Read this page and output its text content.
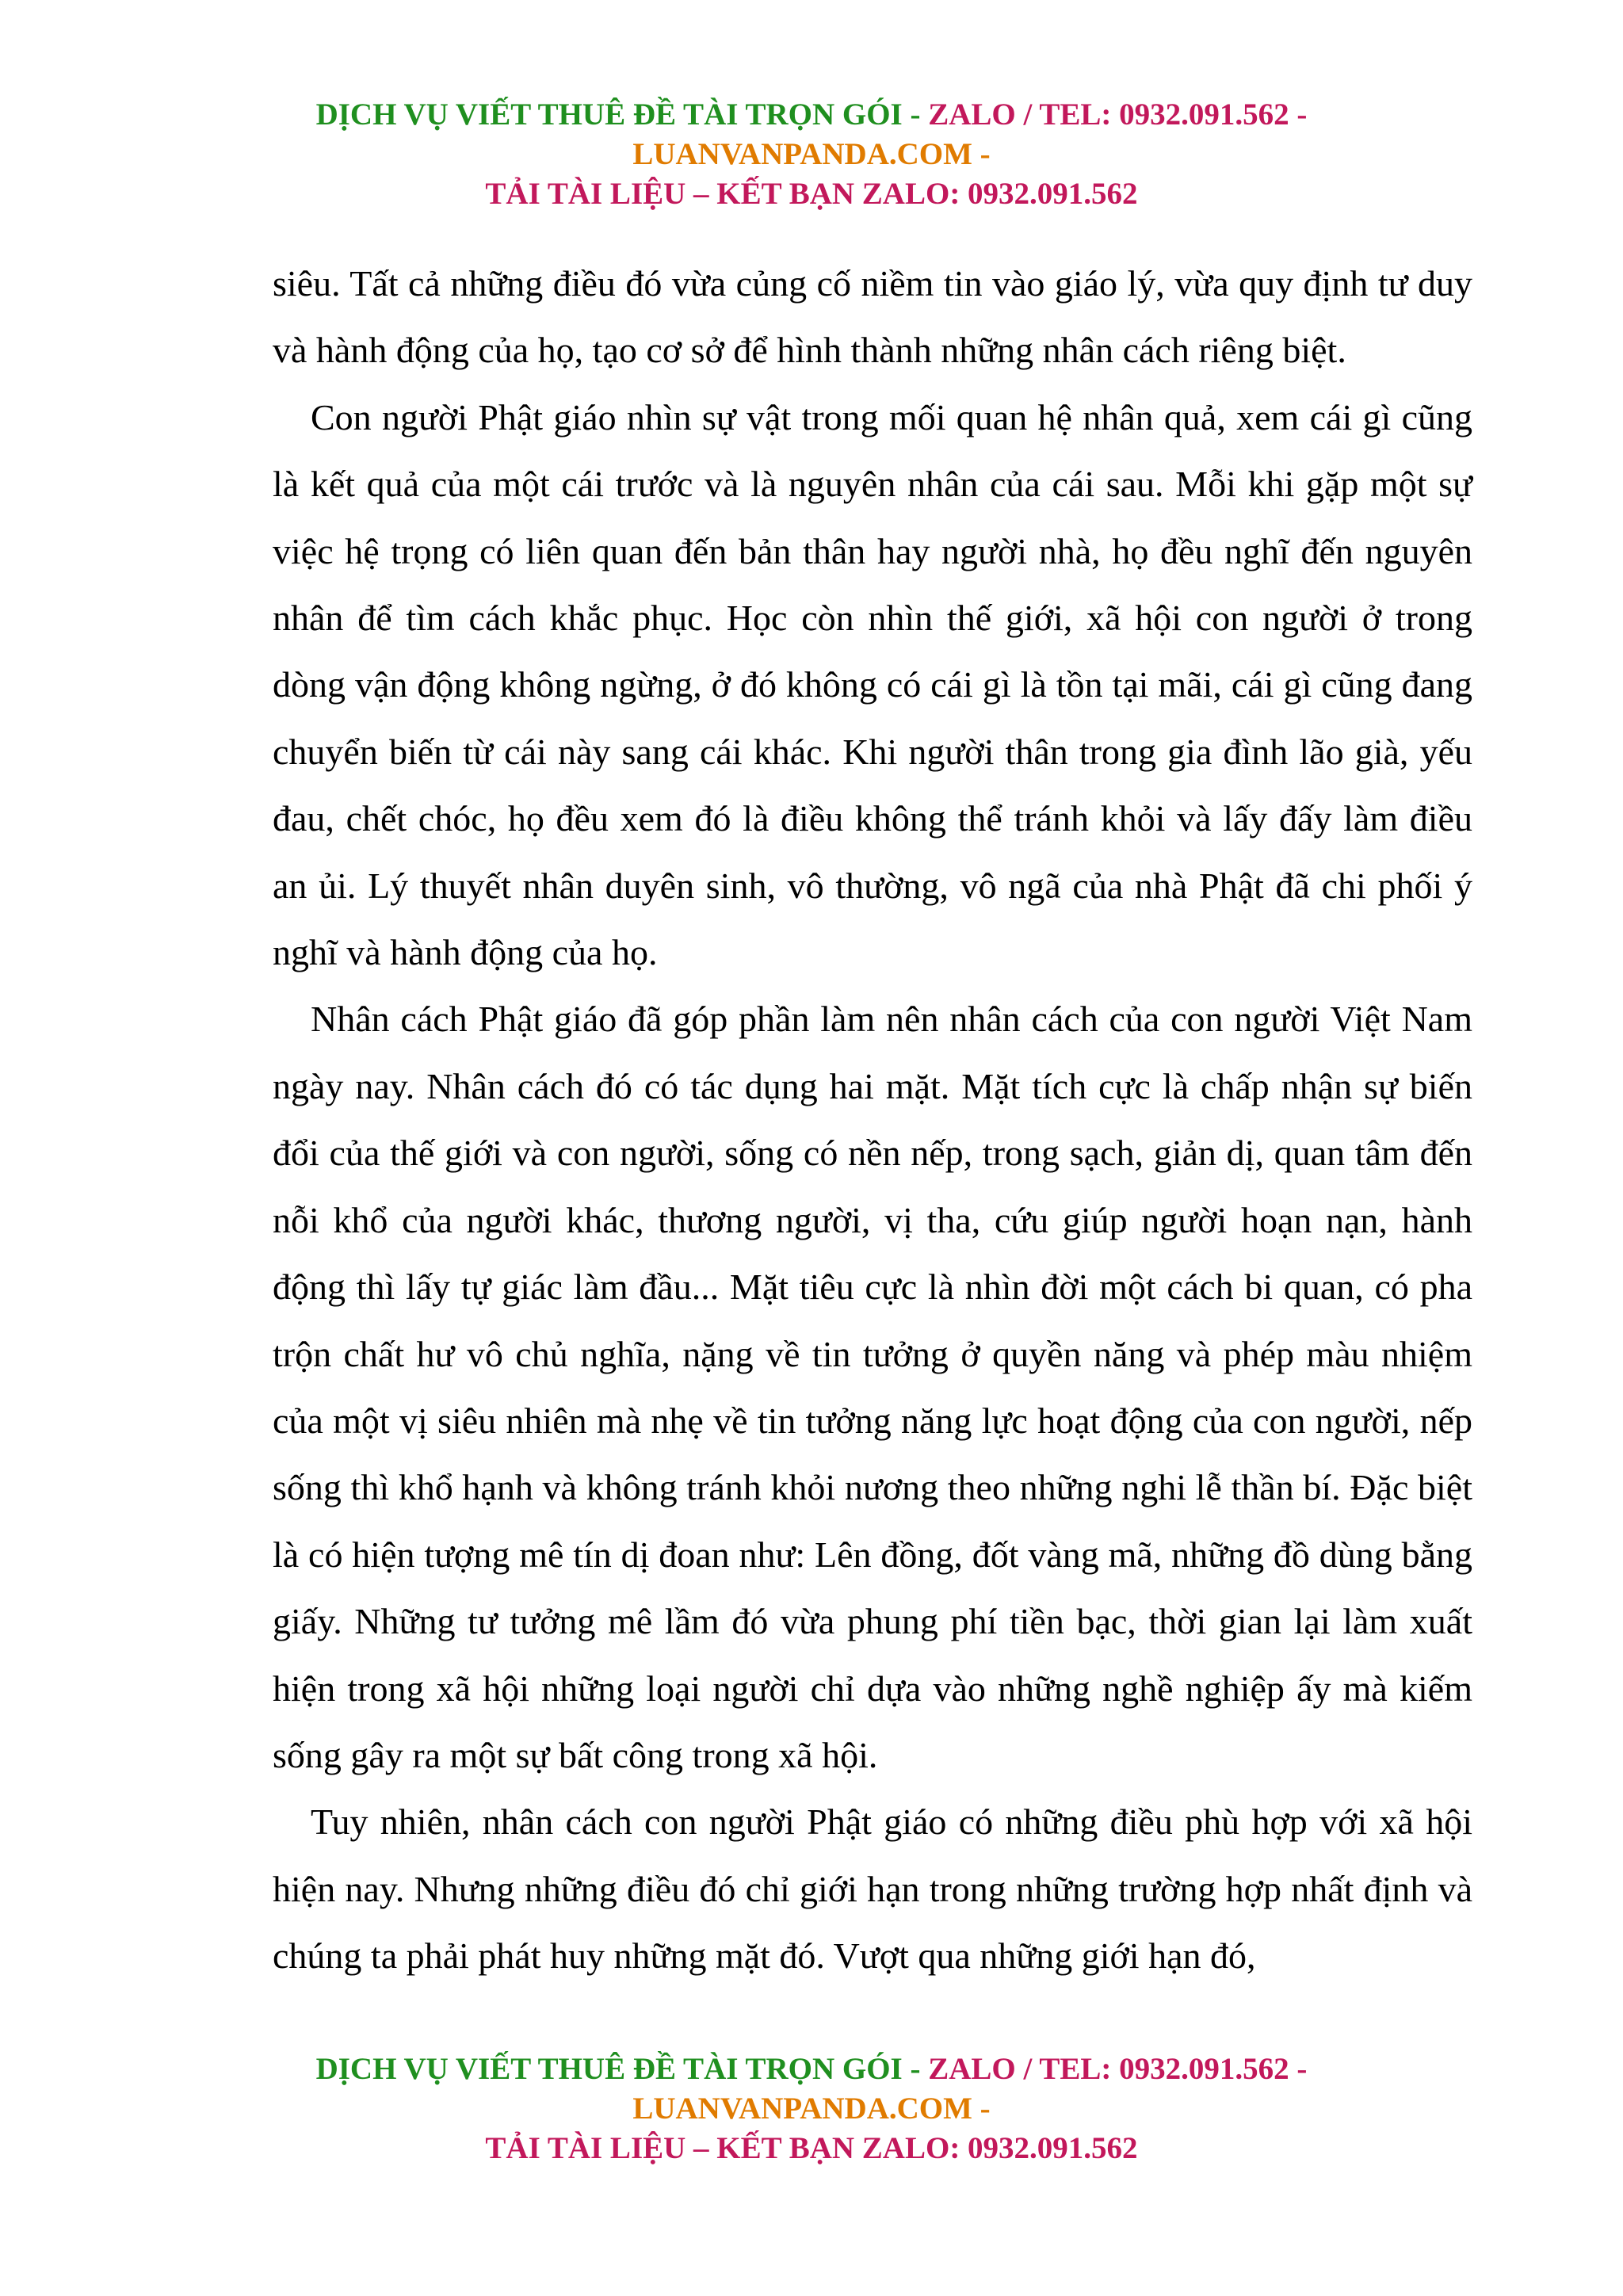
DỊCH VỤ VIẾT THUÊ ĐỀ TÀI TRỌN GÓI - ZALO / TEL: 0932.091.562 -
LUANVANPANDA.COM -
TẢI TÀI LIỆU – KẾT BẠN ZALO: 0932.091.562

siêu. Tất cả những điều đó vừa củng cố niềm tin vào giáo lý, vừa quy định tư duy và hành động của họ, tạo cơ sở để hình thành những nhân cách riêng biệt.

Con người Phật giáo nhìn sự vật trong mối quan hệ nhân quả, xem cái gì cũng là kết quả của một cái trước và là nguyên nhân của cái sau. Mỗi khi gặp một sự việc hệ trọng có liên quan đến bản thân hay người nhà, họ đều nghĩ đến nguyên nhân để tìm cách khắc phục. Học còn nhìn thế giới, xã hội con người ở trong dòng vận động không ngừng, ở đó không có cái gì là tồn tại mãi, cái gì cũng đang chuyển biến từ cái này sang cái khác. Khi người thân trong gia đình lão già, yếu đau, chết chóc, họ đều xem đó là điều không thể tránh khỏi và lấy đấy làm điều an ủi. Lý thuyết nhân duyên sinh, vô thường, vô ngã của nhà Phật đã chi phối ý nghĩ và hành động của họ.

Nhân cách Phật giáo đã góp phần làm nên nhân cách của con người Việt Nam ngày nay. Nhân cách đó có tác dụng hai mặt. Mặt tích cực là chấp nhận sự biến đổi của thế giới và con người, sống có nền nếp, trong sạch, giản dị, quan tâm đến nỗi khổ của người khác, thương người, vị tha, cứu giúp người hoạn nạn, hành động thì lấy tự giác làm đầu... Mặt tiêu cực là nhìn đời một cách bi quan, có pha trộn chất hư vô chủ nghĩa, nặng về tin tưởng ở quyền năng và phép màu nhiệm của một vị siêu nhiên mà nhẹ về tin tưởng năng lực hoạt động của con người, nếp sống thì khổ hạnh và không tránh khỏi nương theo những nghi lễ thần bí. Đặc biệt là có hiện tượng mê tín dị đoan như: Lên đồng, đốt vàng mã, những đồ dùng bằng giấy. Những tư tưởng mê lầm đó vừa phung phí tiền bạc, thời gian lại làm xuất hiện trong xã hội những loại người chỉ dựa vào những nghề nghiệp ấy mà kiếm sống gây ra một sự bất công trong xã hội.

Tuy nhiên, nhân cách con người Phật giáo có những điều phù hợp với xã hội hiện nay. Nhưng những điều đó chỉ giới hạn trong những trường hợp nhất định và chúng ta phải phát huy những mặt đó. Vượt qua những giới hạn đó,

DỊCH VỤ VIẾT THUÊ ĐỀ TÀI TRỌN GÓI - ZALO / TEL: 0932.091.562 -
LUANVANPANDA.COM -
TẢI TÀI LIỆU – KẾT BẠN ZALO: 0932.091.562
